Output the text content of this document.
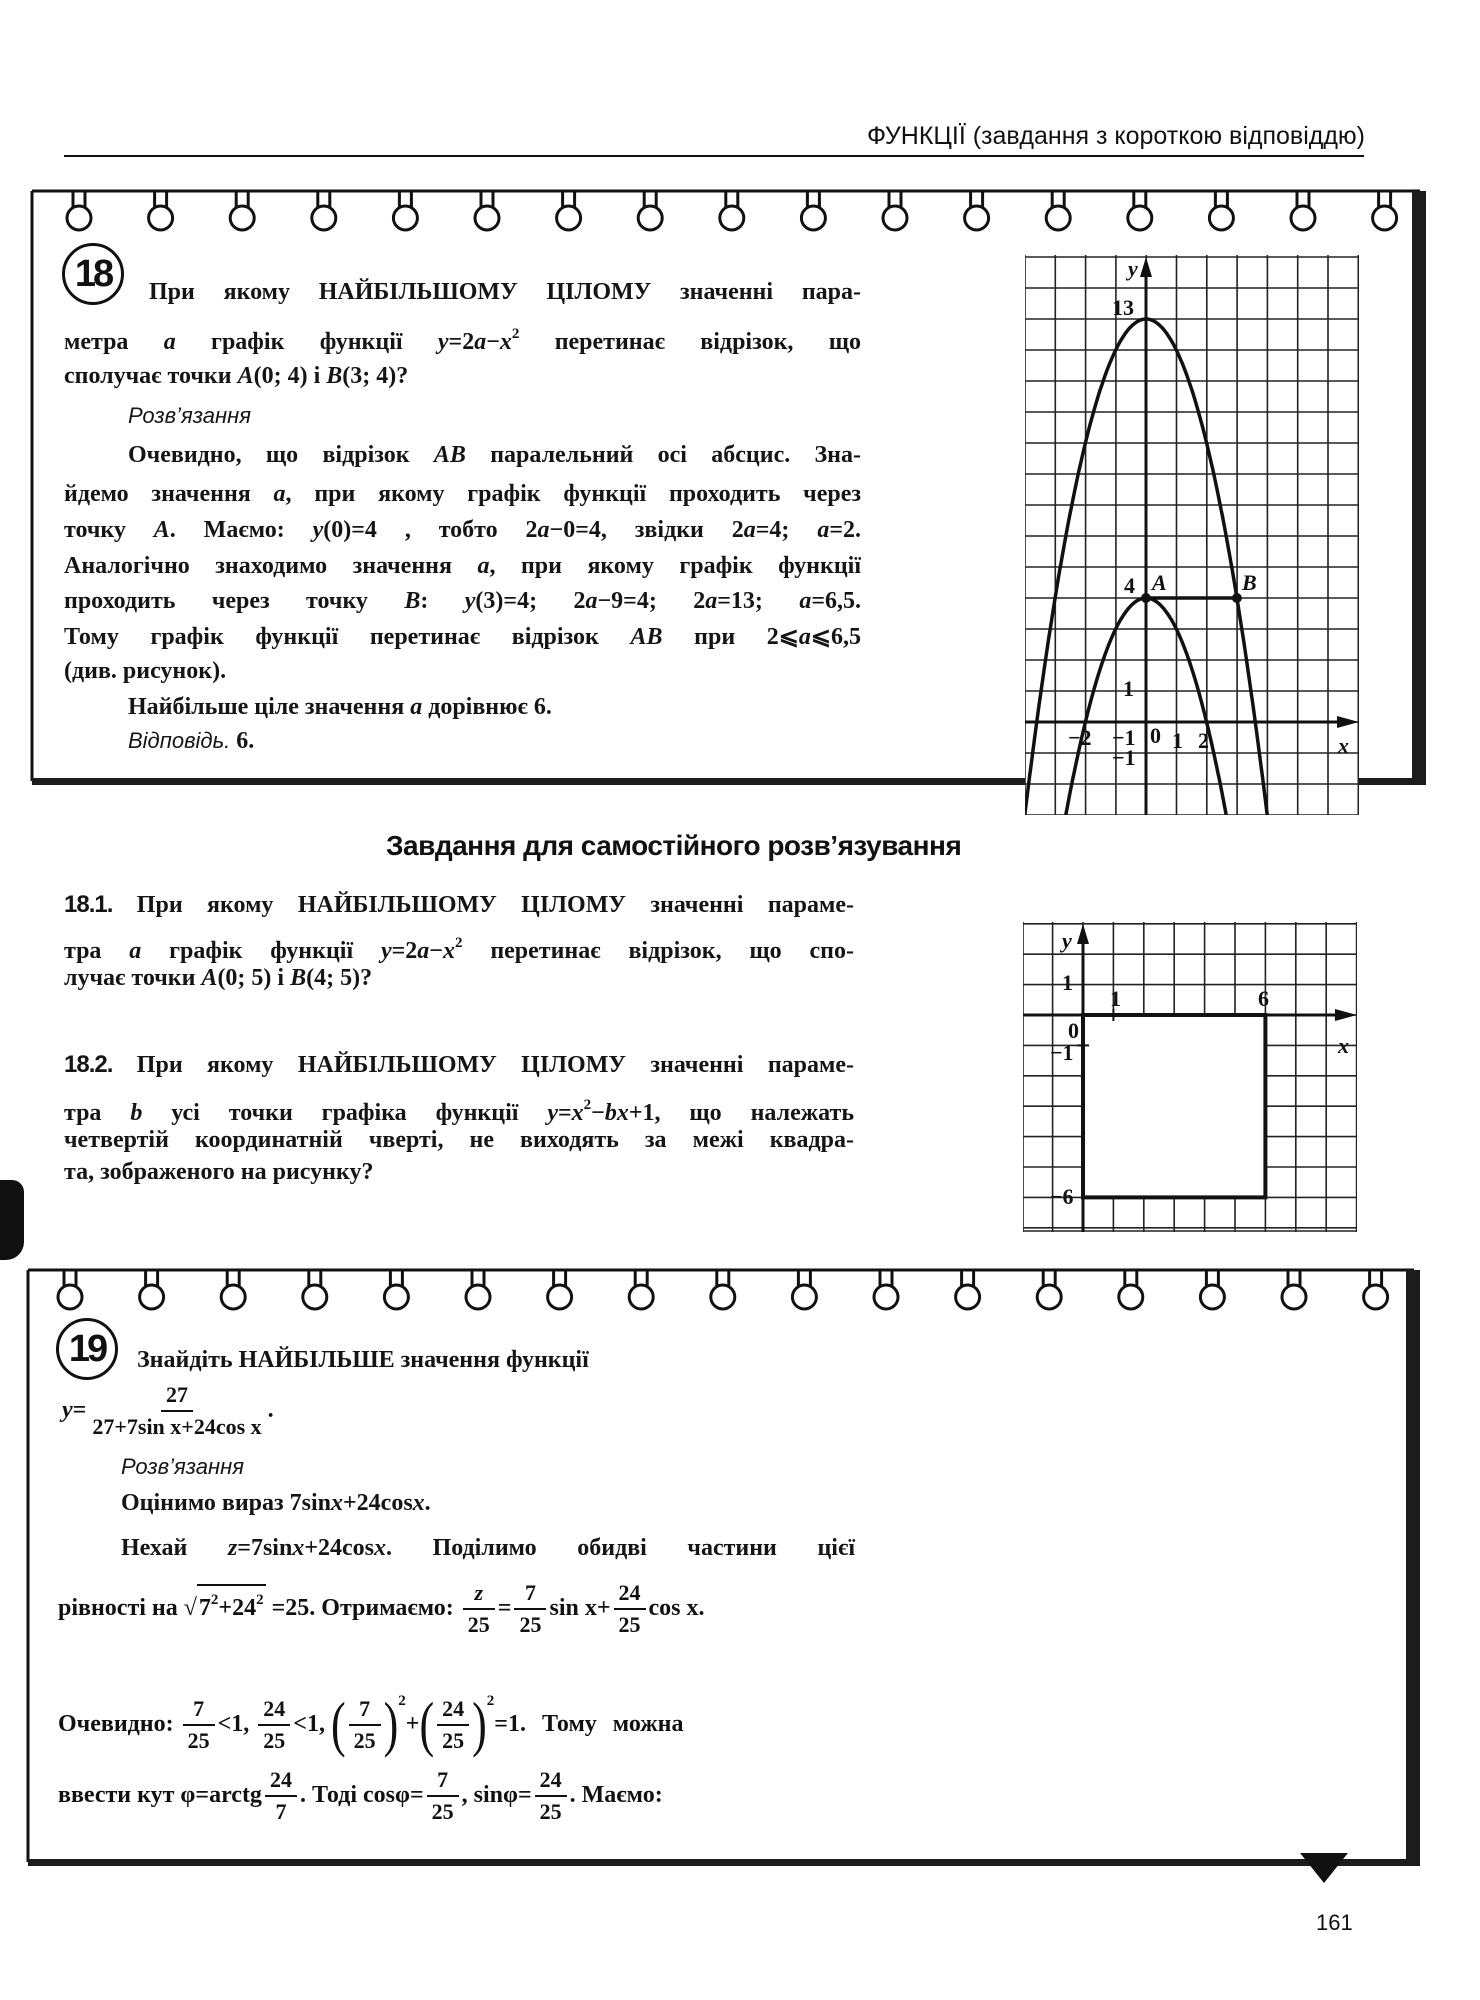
ФУНКЦІЇ (завдання з короткою відповіддю)
18	При якому НАЙБІЛЬШОМУ ЦІЛОМУ значенні пара-
метра a графік функції $y=2a-x^2$ перетинає відрізок, що
сполучає точки A(0; 4) і B(3; 4)?
Розв’язання
Очевидно, що відрізок AB паралельний осі абсцис. Зна-
йдемо значення a, при якому графік функції проходить через
точку A. Маємо: y(0)=4 , тобто 2a−0=4, звідки 2a=4; a=2.
Аналогічно знаходимо значення a, при якому графік функції
проходить через точку B: y(3)=4; 2a−9=4; 2a=13; a=6,5.
Тому графік функції перетинає відрізок AB при 2⩽a⩽6,5
(див. рисунок).
Найбільше ціле значення a дорівнює 6.
Відповідь. 6.
y
13
4 A	B
1
−2 −1 0 1 2
−1	x
Завдання для самостійного розв’язування
18.1. При якому НАЙБІЛЬШОМУ ЦІЛОМУ значенні параме-
тра a графік функції $y=2a-x^2$ перетинає відрізок, що спо-
лучає точки A(0; 5) і B(4; 5)?
18.2. При якому НАЙБІЛЬШОМУ ЦІЛОМУ значенні параме-
тра b усі точки графіка функції $y=x^2-bx+1$, що належать
четвертій координатній чверті, не виходять за межі квадра-
та, зображеного на рисунку?
y
1
1	6
0
−1	x
−6
19	Знайдіть НАЙБІЛЬШЕ значення функції
$y= \frac{27}{\text{27+7sin x+24cos x}}$ .
Розв’язання
Оцінимо вираз 7sinx+24cosx.
Нехай z=7sinx+24cosx. Поділимо обидві частини цієї
рівності на $√7^2+24^2 =25$. Отримаємо: $\frac{z}{25} = \frac{7}{25}$ $\sin x+ \frac{24}{25}$ cos x.
Очевидно: $\frac{7}{25} <1$, $\frac{24}{25} <1$, ( $\frac{7}{25} )^2+( \frac{24}{25} )^2=1$. Тому можна
ввести кут φ=arctg $\frac{24}{7}$ . Тоді $\cos\varphi= \frac{7}{25}$ , $\sin\varphi= \frac{24}{25}$ . Маємо:
161
